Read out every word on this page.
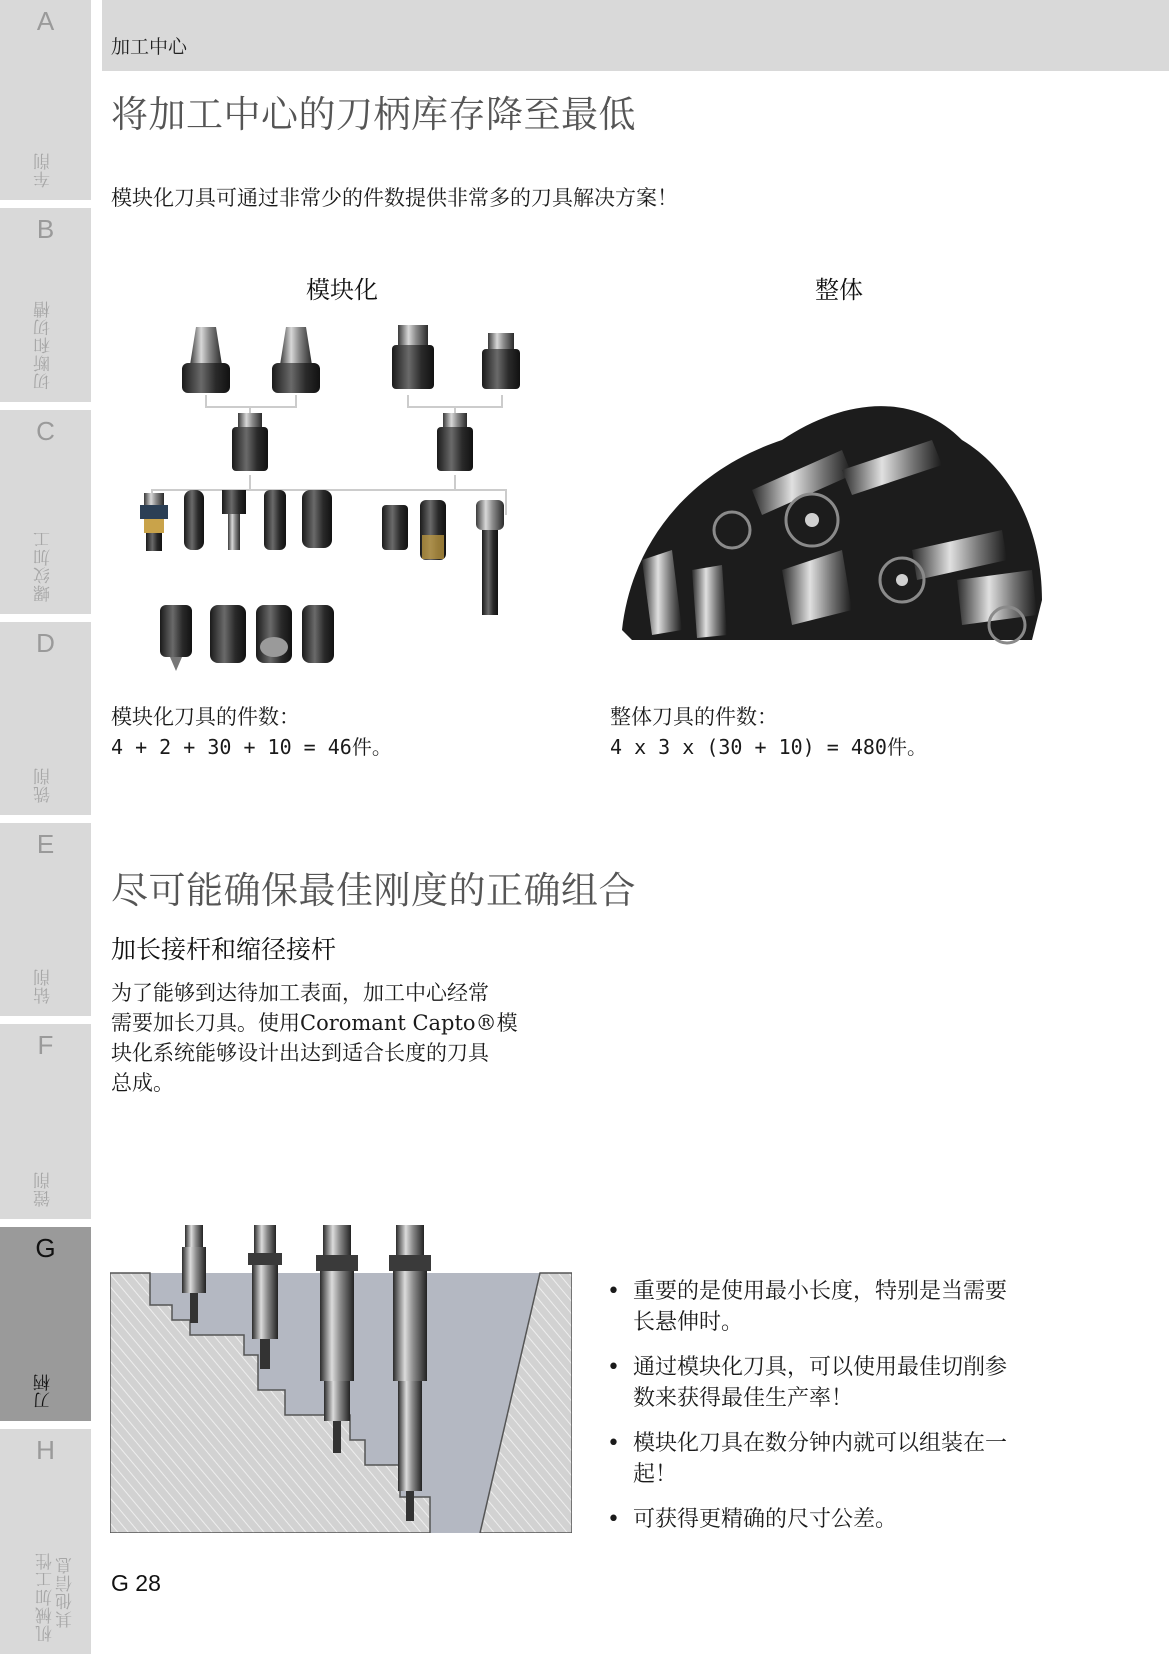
A
车削
B
切断和切槽
C
螺纹加工
D
铣削
E
钻削
F
镗削
G
刀柄
H
机械加工性 其他信息
加工中心
将加工中心的刀柄库存降至最低
模块化刀具可通过非常少的件数提供非常多的刀具解决方案！
模块化	整体
模块化刀具的件数：
4 + 2 + 30 + 10 = 46件。
整体刀具的件数：
4 x 3 x (30 + 10) = 480件。
尽可能确保最佳刚度的正确组合
加长接杆和缩径接杆
为了能够到达待加工表面，加工中心经常
需要加长刀具。使用Coromant Capto®模
块化系统能够设计出达到适合长度的刀具
总成。
• 重要的是使用最小长度，特别是当需要
长悬伸时。
• 通过模块化刀具，可以使用最佳切削参
数来获得最佳生产率！
• 模块化刀具在数分钟内就可以组装在一
起！
• 可获得更精确的尺寸公差。
G 28
